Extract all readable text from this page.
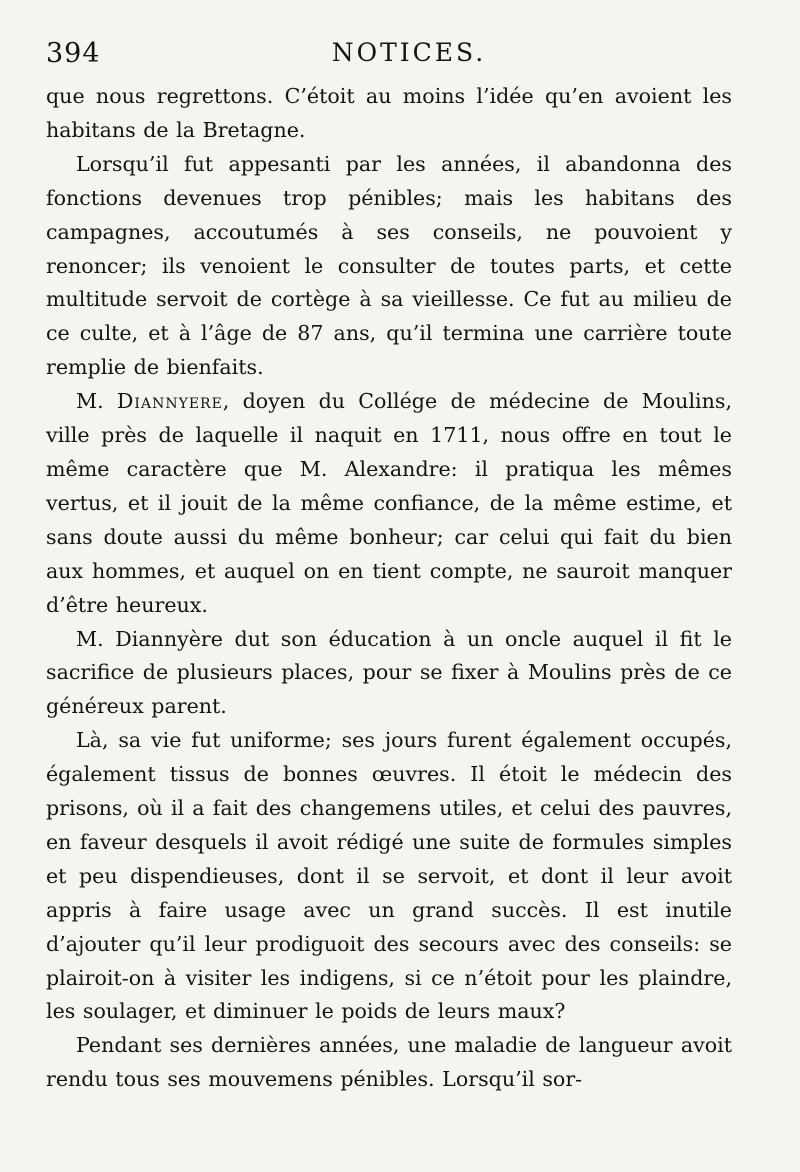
394	NOTICES.

que nous regrettons. C’étoit au moins l’idée qu’en avoient les habitans de la Bretagne.

Lorsqu’il fut appesanti par les années, il abandonna des fonctions devenues trop pénibles; mais les habitans des campagnes, accoutumés à ses conseils, ne pouvoient y renoncer; ils venoient le consulter de toutes parts, et cette multitude servoit de cortège à sa vieillesse. Ce fut au milieu de ce culte, et à l’âge de 87 ans, qu’il termina une carrière toute remplie de bienfaits.

M. Diannyere, doyen du Collége de médecine de Moulins, ville près de laquelle il naquit en 1711, nous offre en tout le même caractère que M. Alexandre: il pratiqua les mêmes vertus, et il jouit de la même confiance, de la même estime, et sans doute aussi du même bonheur; car celui qui fait du bien aux hommes, et auquel on en tient compte, ne sauroit manquer d’être heureux.

M. Diannyère dut son éducation à un oncle auquel il fit le sacrifice de plusieurs places, pour se fixer à Moulins près de ce généreux parent.

Là, sa vie fut uniforme; ses jours furent également occupés, également tissus de bonnes œuvres. Il étoit le médecin des prisons, où il a fait des changemens utiles, et celui des pauvres, en faveur desquels il avoit rédigé une suite de formules simples et peu dispendieuses, dont il se servoit, et dont il leur avoit appris à faire usage avec un grand succès. Il est inutile d’ajouter qu’il leur prodiguoit des secours avec des conseils: se plairoit-on à visiter les indigens, si ce n’étoit pour les plaindre, les soulager, et diminuer le poids de leurs maux?

Pendant ses dernières années, une maladie de langueur avoit rendu tous ses mouvemens pénibles. Lorsqu’il sor-
